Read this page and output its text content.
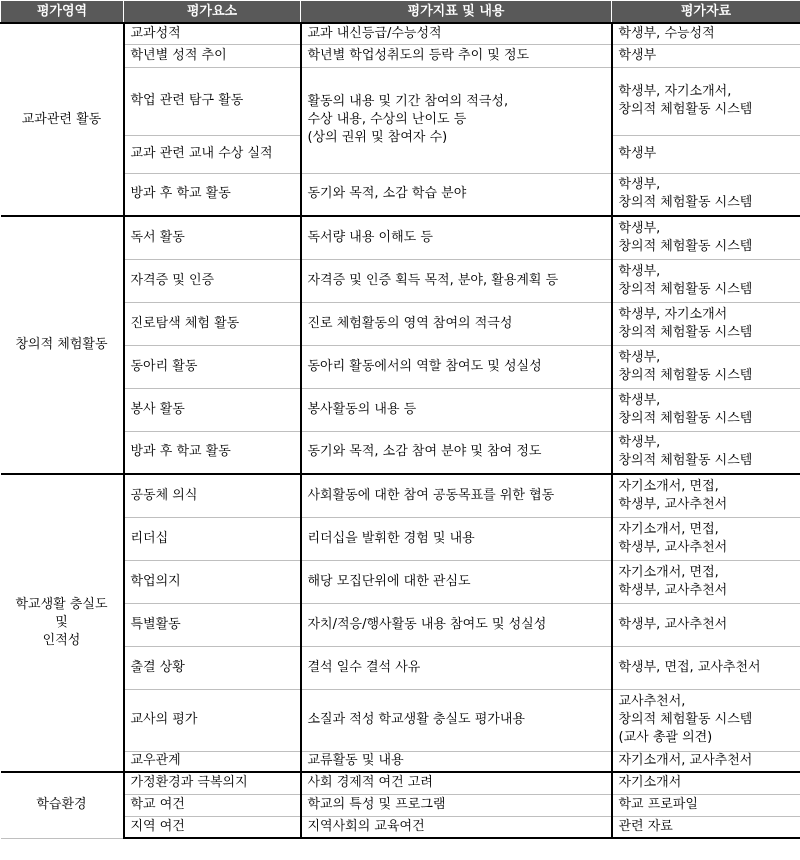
평가영역	평가요소	평가지표 및 내용	평가자료
교과관련 활동	교과성적	교과 내신등급/수능성적	학생부, 수능성적
	학년별 성적 추이	학년별 학업성취도의 등락 추이 및 정도	학생부
	학업 관련 탐구 활동	활동의 내용 및 기간 참여의 적극성,
수상 내용, 수상의 난이도 등
(상의 권위 및 참여자 수)	학생부, 자기소개서,
창의적 체험활동 시스템
	교과 관련 교내 수상 실적		학생부
	방과 후 학교 활동	동기와 목적, 소감 학습 분야	학생부,
창의적 체험활동 시스템
창의적 체험활동	독서 활동	독서량 내용 이해도 등	학생부,
창의적 체험활동 시스템
	자격증 및 인증	자격증 및 인증 획득 목적, 분야, 활용계획 등	학생부,
창의적 체험활동 시스템
	진로탐색 체험 활동	진로 체험활동의 영역 참여의 적극성	학생부, 자기소개서
창의적 체험활동 시스템
	동아리 활동	동아리 활동에서의 역할 참여도 및 성실성	학생부,
창의적 체험활동 시스템
	봉사 활동	봉사활동의 내용 등	학생부,
창의적 체험활동 시스템
	방과 후 학교 활동	동기와 목적, 소감 참여 분야 및 참여 정도	학생부,
창의적 체험활동 시스템
학교생활 충실도
및
인적성	공동체 의식	사회활동에 대한 참여 공동목표를 위한 협동	자기소개서, 면접,
학생부, 교사추천서
	리더십	리더십을 발휘한 경험 및 내용	자기소개서, 면접,
학생부, 교사추천서
	학업의지	해당 모집단위에 대한 관심도	자기소개서, 면접,
학생부, 교사추천서
	특별활동	자치/적응/행사활동 내용 참여도 및 성실성	학생부, 교사추천서
	출결 상황	결석 일수 결석 사유	학생부, 면접, 교사추천서
	교사의 평가	소질과 적성 학교생활 충실도 평가내용	교사추천서,
창의적 체험활동 시스템
(교사 총괄 의견)
	교우관계	교류활동 및 내용	자기소개서, 교사추천서
학습환경	가정환경과 극복의지	사회 경제적 여건 고려	자기소개서
	학교 여건	학교의 특성 및 프로그램	학교 프로파일
	지역 여건	지역사회의 교육여건	관련 자료
